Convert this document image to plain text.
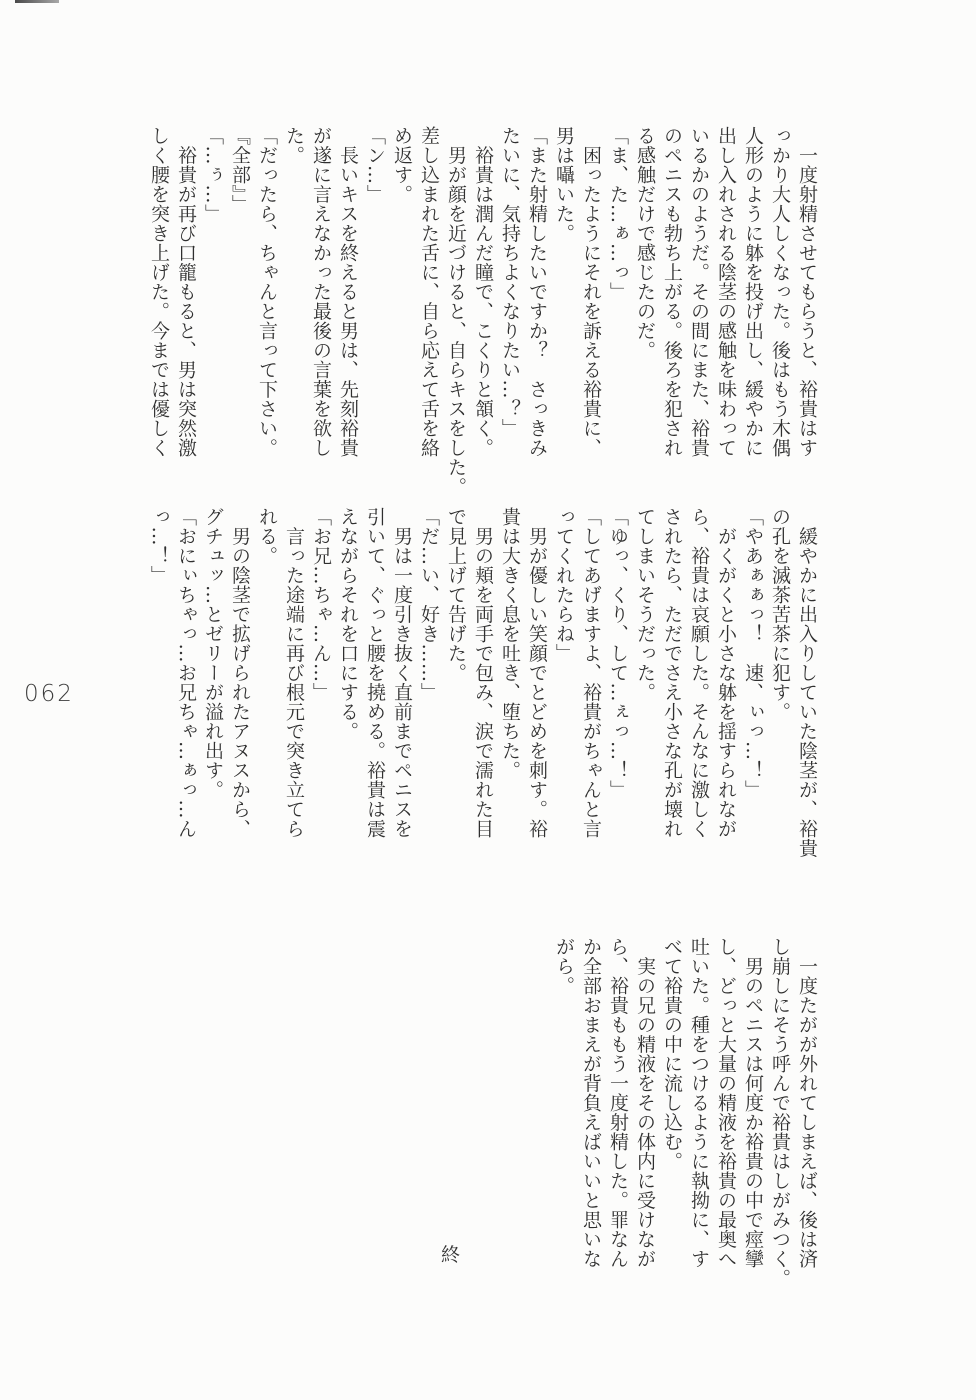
062
　一度射精させてもらうと、裕貴はす
っかり大人しくなった。後はもう木偶
人形のように躰を投げ出し、緩やかに
出し入れされる陰茎の感触を味わって
いるかのようだ。その間にまた、裕貴
のペニスも勃ち上がる。後ろを犯され
る感触だけで感じたのだ。
「ま、た…ぁ…っ」
　困ったようにそれを訴える裕貴に、
男は囁いた。
「また射精したいですか？　さっきみ
たいに、気持ちよくなりたい…？」
　裕貴は潤んだ瞳で、こくりと頷く。
　男が顔を近づけると、自らキスをした。
差し込まれた舌に、自ら応えて舌を絡
め返す。
「ン…」
　長いキスを終えると男は、先刻裕貴
が遂に言えなかった最後の言葉を欲し
た。
「だったら、ちゃんと言って下さい。
『全部』」
「…ぅ…」
　裕貴が再び口籠もると、男は突然激
しく腰を突き上げた。今までは優しく
　緩やかに出入りしていた陰茎が、裕貴
の孔を滅茶苦茶に犯す。
「やあぁぁっ！　速、ぃっ…！」
　がくがくと小さな躰を揺すられなが
ら、裕貴は哀願した。そんなに激しく
されたら、ただでさえ小さな孔が壊れ
てしまいそうだった。
「ゆっ、くり、して…ぇっ…！」
「してあげますよ、裕貴がちゃんと言
ってくれたらね」
　男が優しい笑顔でとどめを刺す。裕
貴は大きく息を吐き、堕ちた。
　男の頬を両手で包み、涙で濡れた目
で見上げて告げた。
「だ…い、好き……」
　男は一度引き抜く直前までペニスを
引いて、ぐっと腰を撓める。裕貴は震
えながらそれを口にする。
「お兄…ちゃ…ん…」
　言った途端に再び根元で突き立てら
れる。
　男の陰茎で拡げられたアヌスから、
グチュッ…とゼリーが溢れ出す。
「おにぃちゃっ…お兄ちゃ…ぁっ…ん
っ…！」
　一度たがが外れてしまえば、後は済
し崩しにそう呼んで裕貴はしがみつく。
　男のペニスは何度か裕貴の中で痙攣
し、どっと大量の精液を裕貴の最奥へ
吐いた。種をつけるように執拗に、す
べて裕貴の中に流し込む。
　実の兄の精液をその体内に受けなが
ら、裕貴ももう一度射精した。罪なん
か全部おまえが背負えばいいと思いな
がら。
終
